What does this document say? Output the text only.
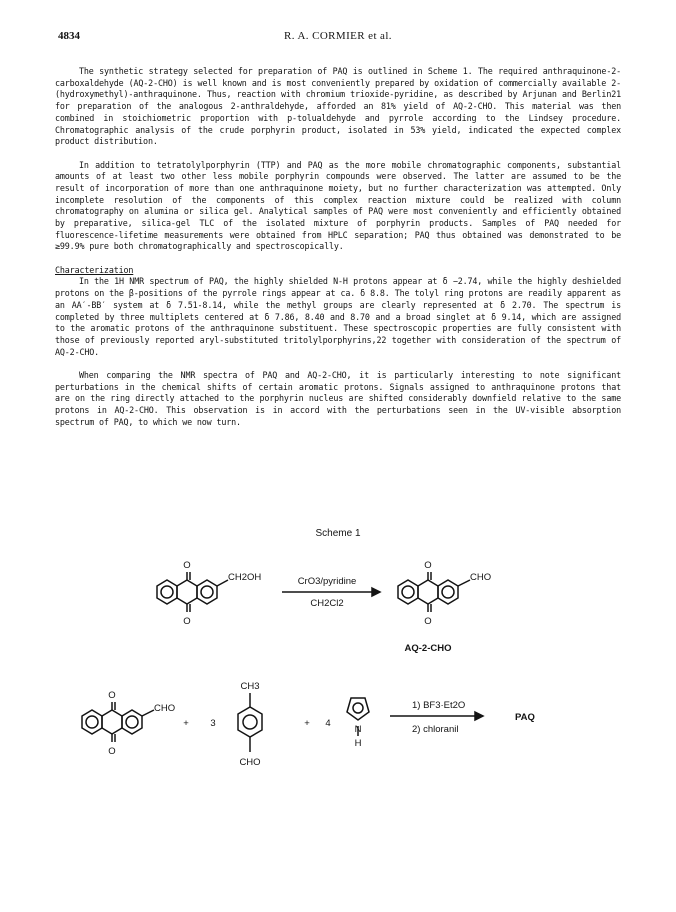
4834	R. A. CORMIER et al.

The synthetic strategy selected for preparation of PAQ is outlined in Scheme 1. The required anthraquinone-2-carboxaldehyde (AQ-2-CHO) is well known and is most conveniently prepared by oxidation of commercially available 2-(hydroxymethyl)-anthraquinone. Thus, reaction with chromium trioxide-pyridine, as described by Arjunan and Berlin21 for preparation of the analogous 2-anthraldehyde, afforded an 81% yield of AQ-2-CHO. This material was then combined in stoichiometric proportion with p-tolualdehyde and pyrrole according to the Lindsey procedure. Chromatographic analysis of the crude porphyrin product, isolated in 53% yield, indicated the expected complex product distribution.

In addition to tetratolylporphyrin (TTP) and PAQ as the more mobile chromatographic components, substantial amounts of at least two other less mobile porphyrin compounds were observed. The latter are assumed to be the result of incorporation of more than one anthraquinone moiety, but no further characterization was attempted. Only incomplete resolution of the components of this complex reaction mixture could be realized with column chromatography on alumina or silica gel. Analytical samples of PAQ were most conveniently and efficiently obtained by preparative, silica-gel TLC of the isolated mixture of porphyrin products. Samples of PAQ needed for fluorescence-lifetime measurements were obtained from HPLC separation; PAQ thus obtained was demonstrated to be ≥99.9% pure both chromatographically and spectroscopically.

Characterization

In the 1H NMR spectrum of PAQ, the highly shielded N-H protons appear at δ −2.74, while the highly deshielded protons on the β-positions of the pyrrole rings appear at ca. δ 8.8. The tolyl ring protons are readily apparent as an AA′-BB′ system at δ 7.51-8.14, while the methyl groups are clearly represented at δ 2.70. The spectrum is completed by three multiplets centered at δ 7.86, 8.40 and 8.70 and a broad singlet at δ 9.14, which are assigned to the aromatic protons of the anthraquinone substituent. These spectroscopic properties are fully consistent with those of previously reported aryl-substituted tritolylporphyrins,22 together with consideration of the spectrum of AQ-2-CHO.

When comparing the NMR spectra of PAQ and AQ-2-CHO, it is particularly interesting to note significant perturbations in the chemical shifts of certain aromatic protons. Signals assigned to anthraquinone protons that are on the ring directly attached to the porphyrin nucleus are shifted considerably downfield relative to the same protons in AQ-2-CHO. This observation is in accord with the perturbations seen in the UV-visible absorption spectrum of PAQ, to which we now turn.

Scheme 1
O
O
CH2OH	CrO3/pyridine
CH2Cl2
O
O
CHO
AQ-2-CHO
O
O
CHO
+ 3
CH3
CHO
+ 4
N
H
1) BF3·Et2O
2) chloranil
PAQ
